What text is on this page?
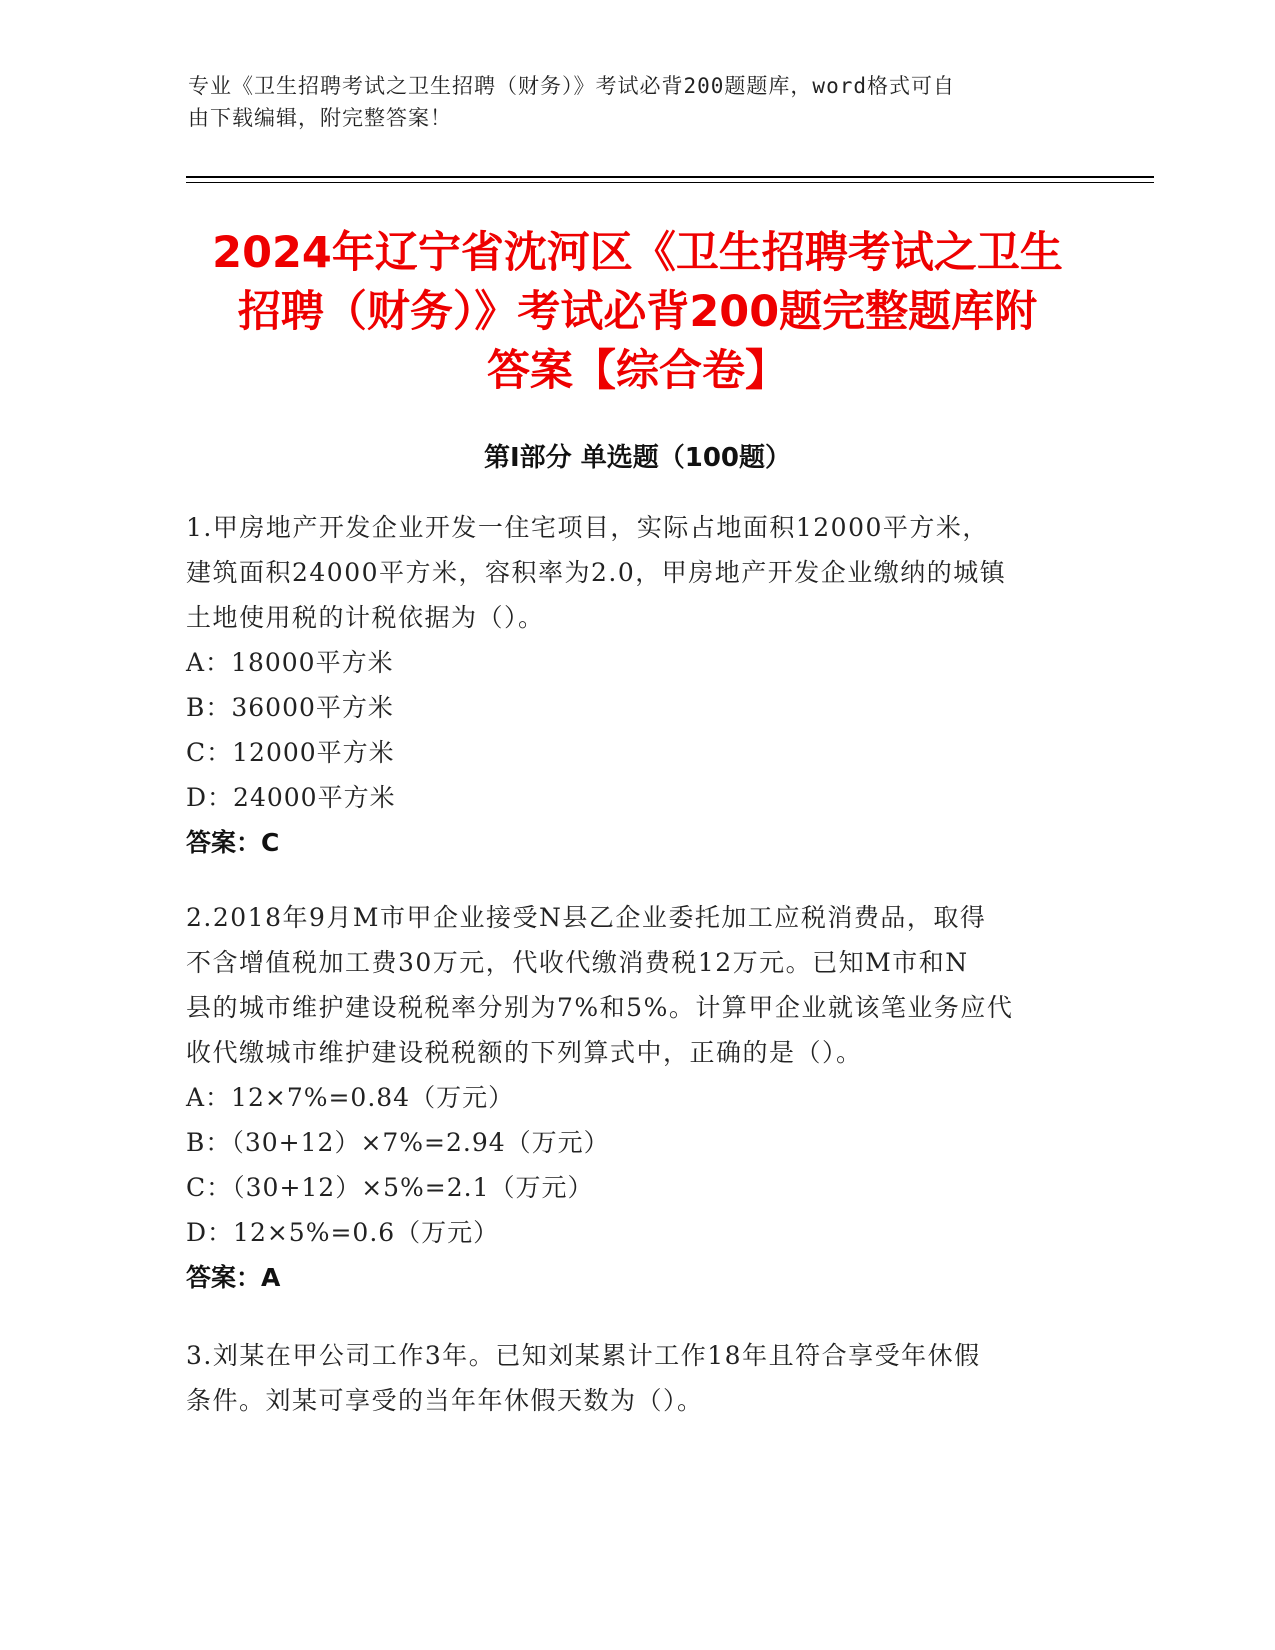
专业《卫生招聘考试之卫生招聘（财务）》考试必背200题题库，word格式可自
由下载编辑，附完整答案！
2024年辽宁省沈河区《卫生招聘考试之卫生
招聘（财务）》考试必背200题完整题库附
答案【综合卷】
第Ⅰ部分 单选题（100题）
1.甲房地产开发企业开发一住宅项目，实际占地面积12000平方米，
建筑面积24000平方米，容积率为2.0，甲房地产开发企业缴纳的城镇
土地使用税的计税依据为（）。
A：18000平方米
B：36000平方米
C：12000平方米
D：24000平方米
答案：C
2.2018年9月M市甲企业接受N县乙企业委托加工应税消费品，取得
不含增值税加工费30万元，代收代缴消费税12万元。已知M市和N
县的城市维护建设税税率分别为7%和5%。计算甲企业就该笔业务应代
收代缴城市维护建设税税额的下列算式中，正确的是（）。
A：12×7%=0.84（万元）
B：（30+12）×7%=2.94（万元）
C：（30+12）×5%=2.1（万元）
D：12×5%=0.6（万元）
答案：A
3.刘某在甲公司工作3年。已知刘某累计工作18年且符合享受年休假
条件。刘某可享受的当年年休假天数为（）。
